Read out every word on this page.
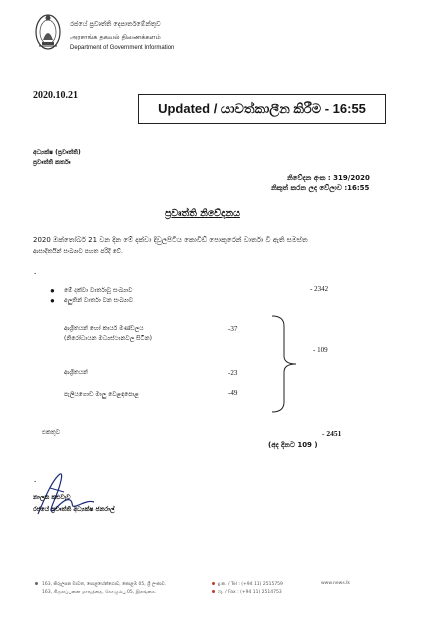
රජයේ ප්‍රවෘත්ති දෙපාර්තමේන්තුව
அரசாங்க தகவல் திணைக்களம்
Department of Government Information
2020.10.21
Updated / යාවත්කාලීන කිරීම - 16:55
අධ්‍යක්ෂ (ප්‍රවෘත්ති)
ප්‍රවෘත්ති කර්තෘ
නිවේදන අංක : 319/2020
නිකුත් කරන ලද වේලාව :16:55
ප්‍රවෘත්ති නිවේදනය
2020 ඔක්තෝබර් 21 වන දින මේ දක්වා දිවුලපිටිය කොවිඩ් පොකුරෙන් වාර්තා වී ඇති සමස්ත
ආසාදිතයින් සංඛ්‍යාව පහත පරිදි වේ.
.
● මේ දක්වා වාර්තාවූ සංඛ්‍යාව	- 2342
● අලුතින් වාර්තා වන සංඛ්‍යාව
ආශ්‍රිතයන් හෝ කාර්ය මණ්ඩලය
(නිරෝධායන මධ්‍යස්ථානවල සිටින)
-37
ආශ්‍රිතයන්	-23
පැලියගොඩ මාලු වෙළඳපොළ	-49
- 109
එකතුව	- 2451
(අද දිනට 109 )
.
නාලක කළුවැව
රජයේ ප්‍රවෘත්ති අධ්‍යක්ෂ ජනරාල්
163, කිරුලපන මාවත, පොළහේන්ගොඩ, කොළඹ 05, ශ්‍රී ලංකාව.
163, கிருலப்பனை மாவத்தை, கொழும்பு 05, இலங்கை.
දු.ක. / Tel : (+94 11) 2515759
ෆැ. / Fax : (+94 11) 2514753
www.news.lk
